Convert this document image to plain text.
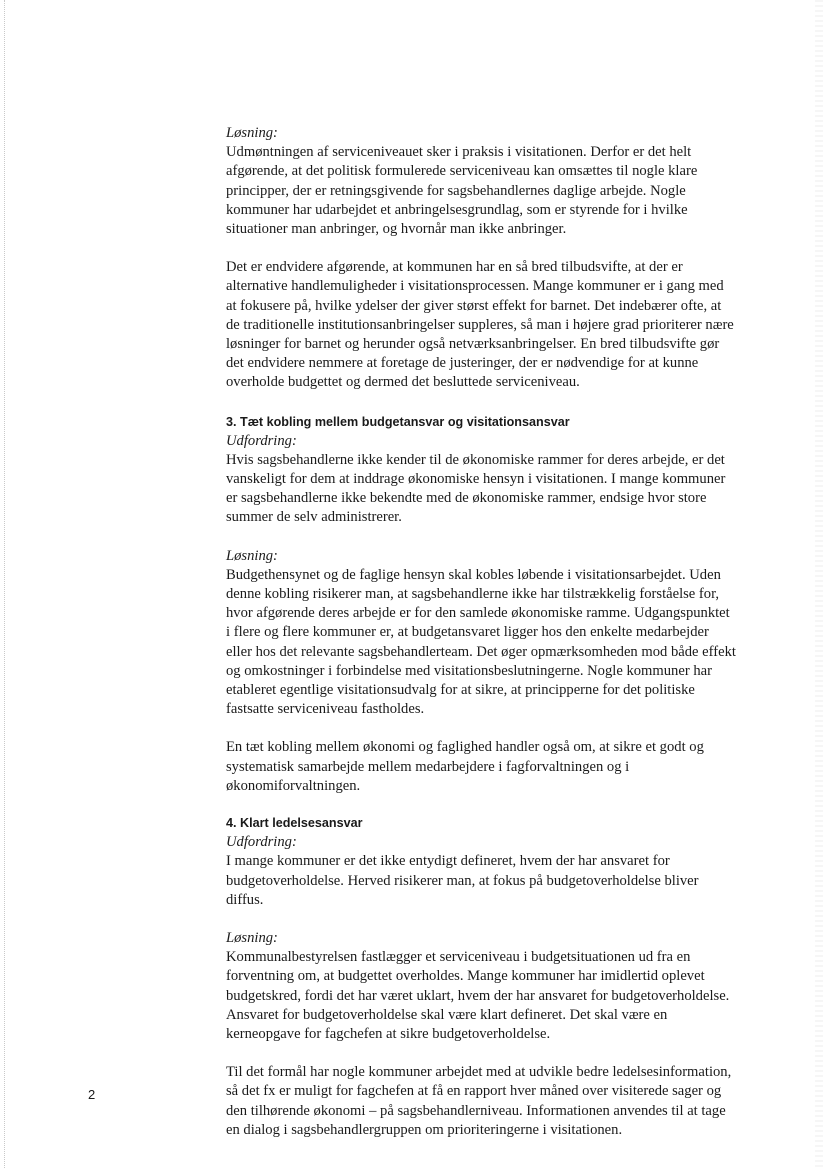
Løsning:
Udmøntningen af serviceniveauet sker i praksis i visitationen. Derfor er det helt afgørende, at det politisk formulerede serviceniveau kan omsættes til nogle klare principper, der er retningsgivende for sagsbehandlernes daglige arbejde. Nogle kommuner har udarbejdet et anbringelsesgrundlag, som er styrende for i hvilke situationer man anbringer, og hvornår man ikke anbringer.
Det er endvidere afgørende, at kommunen har en så bred tilbudsvifte, at der er alternative handlemuligheder i visitationsprocessen. Mange kommuner er i gang med at fokusere på, hvilke ydelser der giver størst effekt for barnet. Det indebærer ofte, at de traditionelle institutionsanbringelser suppleres, så man i højere grad prioriterer nære løsninger for barnet og herunder også netværksanbringelser. En bred tilbudsvifte gør det endvidere nemmere at foretage de justeringer, der er nødvendige for at kunne overholde budgettet og dermed det besluttede serviceniveau.
3. Tæt kobling mellem budgetansvar og visitationsansvar
Udfordring:
Hvis sagsbehandlerne ikke kender til de økonomiske rammer for deres arbejde, er det vanskeligt for dem at inddrage økonomiske hensyn i visitationen. I mange kommuner er sagsbehandlerne ikke bekendte med de økonomiske rammer, endsige hvor store summer de selv administrerer.
Løsning:
Budgethensynet og de faglige hensyn skal kobles løbende i visitationsarbejdet. Uden denne kobling risikerer man, at sagsbehandlerne ikke har tilstrækkelig forståelse for, hvor afgørende deres arbejde er for den samlede økonomiske ramme. Udgangspunktet i flere og flere kommuner er, at budgetansvaret ligger hos den enkelte medarbejder eller hos det relevante sagsbehandlerteam. Det øger opmærksomheden mod både effekt og omkostninger i forbindelse med visitationsbeslutningerne. Nogle kommuner har etableret egentlige visitationsudvalg for at sikre, at principperne for det politiske fastsatte serviceniveau fastholdes.
En tæt kobling mellem økonomi og faglighed handler også om, at sikre et godt og systematisk samarbejde mellem medarbejdere i fagforvaltningen og i økonomiforvaltningen.
4. Klart ledelsesansvar
Udfordring:
I mange kommuner er det ikke entydigt defineret, hvem der har ansvaret for budgetoverholdelse. Herved risikerer man, at fokus på budgetoverholdelse bliver diffus.
Løsning:
Kommunalbestyrelsen fastlægger et serviceniveau i budgetsituationen ud fra en forventning om, at budgettet overholdes. Mange kommuner har imidlertid oplevet budgetskred, fordi det har været uklart, hvem der har ansvaret for budgetoverholdelse. Ansvaret for budgetoverholdelse skal være klart defineret. Det skal være en kerneopgave for fagchefen at sikre budgetoverholdelse.
Til det formål har nogle kommuner arbejdet med at udvikle bedre ledelsesinformation, så det fx er muligt for fagchefen at få en rapport hver måned over visiterede sager og den tilhørende økonomi – på sagsbehandlerniveau. Informationen anvendes til at tage en dialog i sagsbehandlergruppen om prioriteringerne i visitationen.
2
